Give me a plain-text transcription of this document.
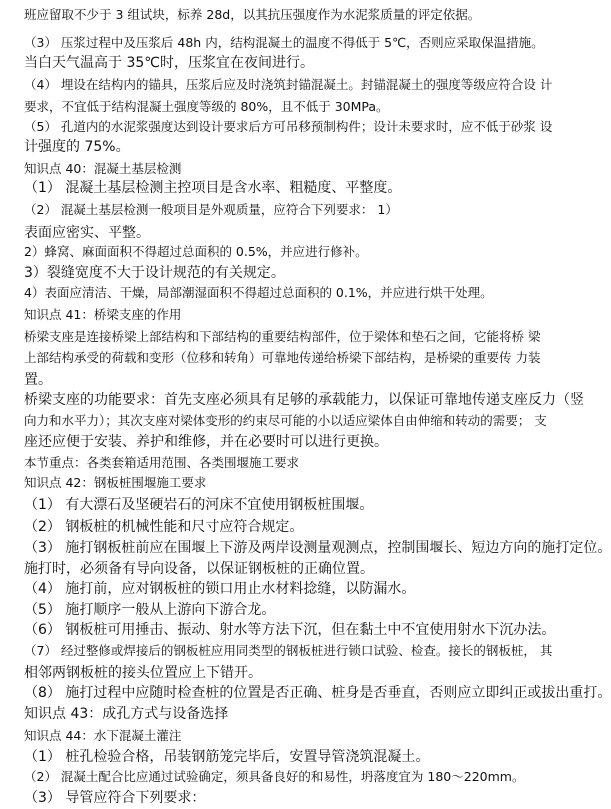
班应留取不少于 3 组试块，标养 28d，以其抗压强度作为水泥浆质量的评定依据。
（3） 压浆过程中及压浆后 48h 内，结构混凝土的温度不得低于 5℃，否则应采取保温措施。
当白天气温高于 35℃时，压浆宜在夜间进行。
（4） 埋设在结构内的锚具，压浆后应及时浇筑封锚混凝土。封锚混凝土的强度等级应符合设 计
要求，不宜低于结构混凝土强度等级的 80%，且不低于 30MPa。
（5） 孔道内的水泥浆强度达到设计要求后方可吊移预制构件；设计未要求时，应不低于砂浆 设
计强度的 75%。
知识点 40：混凝土基层检测
（1） 混凝土基层检测主控项目是含水率、粗糙度、平整度。
（2） 混凝土基层检测一般项目是外观质量，应符合下列要求： 1）
表面应密实、平整。
2）蜂窝、麻面面积不得超过总面积的 0.5%，并应进行修补。
3）裂缝宽度不大于设计规范的有关规定。
4）表面应清洁、干燥，局部潮湿面积不得超过总面积的 0.1%，并应进行烘干处理。
知识点 41：桥梁支座的作用
桥梁支座是连接桥梁上部结构和下部结构的重要结构部件，位于梁体和垫石之间，它能将桥 梁
上部结构承受的荷载和变形（位移和转角）可靠地传递给桥梁下部结构，是桥梁的重要传 力装
置。
桥梁支座的功能要求：首先支座必须具有足够的承载能力，以保证可靠地传递支座反力（竖
向力和水平力）；其次支座对梁体变形的约束尽可能的小以适应梁体自由伸缩和转动的需要； 支
座还应便于安装、养护和维修，并在必要时可以进行更换。
本节重点：各类套箱适用范围、各类围堰施工要求
知识点 42：钢板桩围堰施工要求
（1） 有大漂石及坚硬岩石的河床不宜使用钢板桩围堰。
（2） 钢板桩的机械性能和尺寸应符合规定。
（3） 施打钢板桩前应在围堰上下游及两岸设测量观测点，控制围堰长、短边方向的施打定位。
施打时，必须备有导向设备，以保证钢板桩的正确位置。
（4） 施打前，应对钢板桩的锁口用止水材料捻缝，以防漏水。
（5） 施打顺序一般从上游向下游合龙。
（6） 钢板桩可用捶击、振动、射水等方法下沉，但在黏土中不宜使用射水下沉办法。
（7） 经过整修或焊接后的钢板桩应用同类型的钢板桩进行锁口试验、检查。接长的钢板桩， 其
相邻两钢板桩的接头位置应上下错开。
（8） 施打过程中应随时检查桩的位置是否正确、桩身是否垂直，否则应立即纠正或拔出重打。
知识点 43：成孔方式与设备选择
知识点 44：水下混凝土灌注
（1） 桩孔检验合格，吊装钢筋笼完毕后，安置导管浇筑混凝土。
（2） 混凝土配合比应通过试验确定，须具备良好的和易性，坍落度宜为 180～220mm。
（3） 导管应符合下列要求：
